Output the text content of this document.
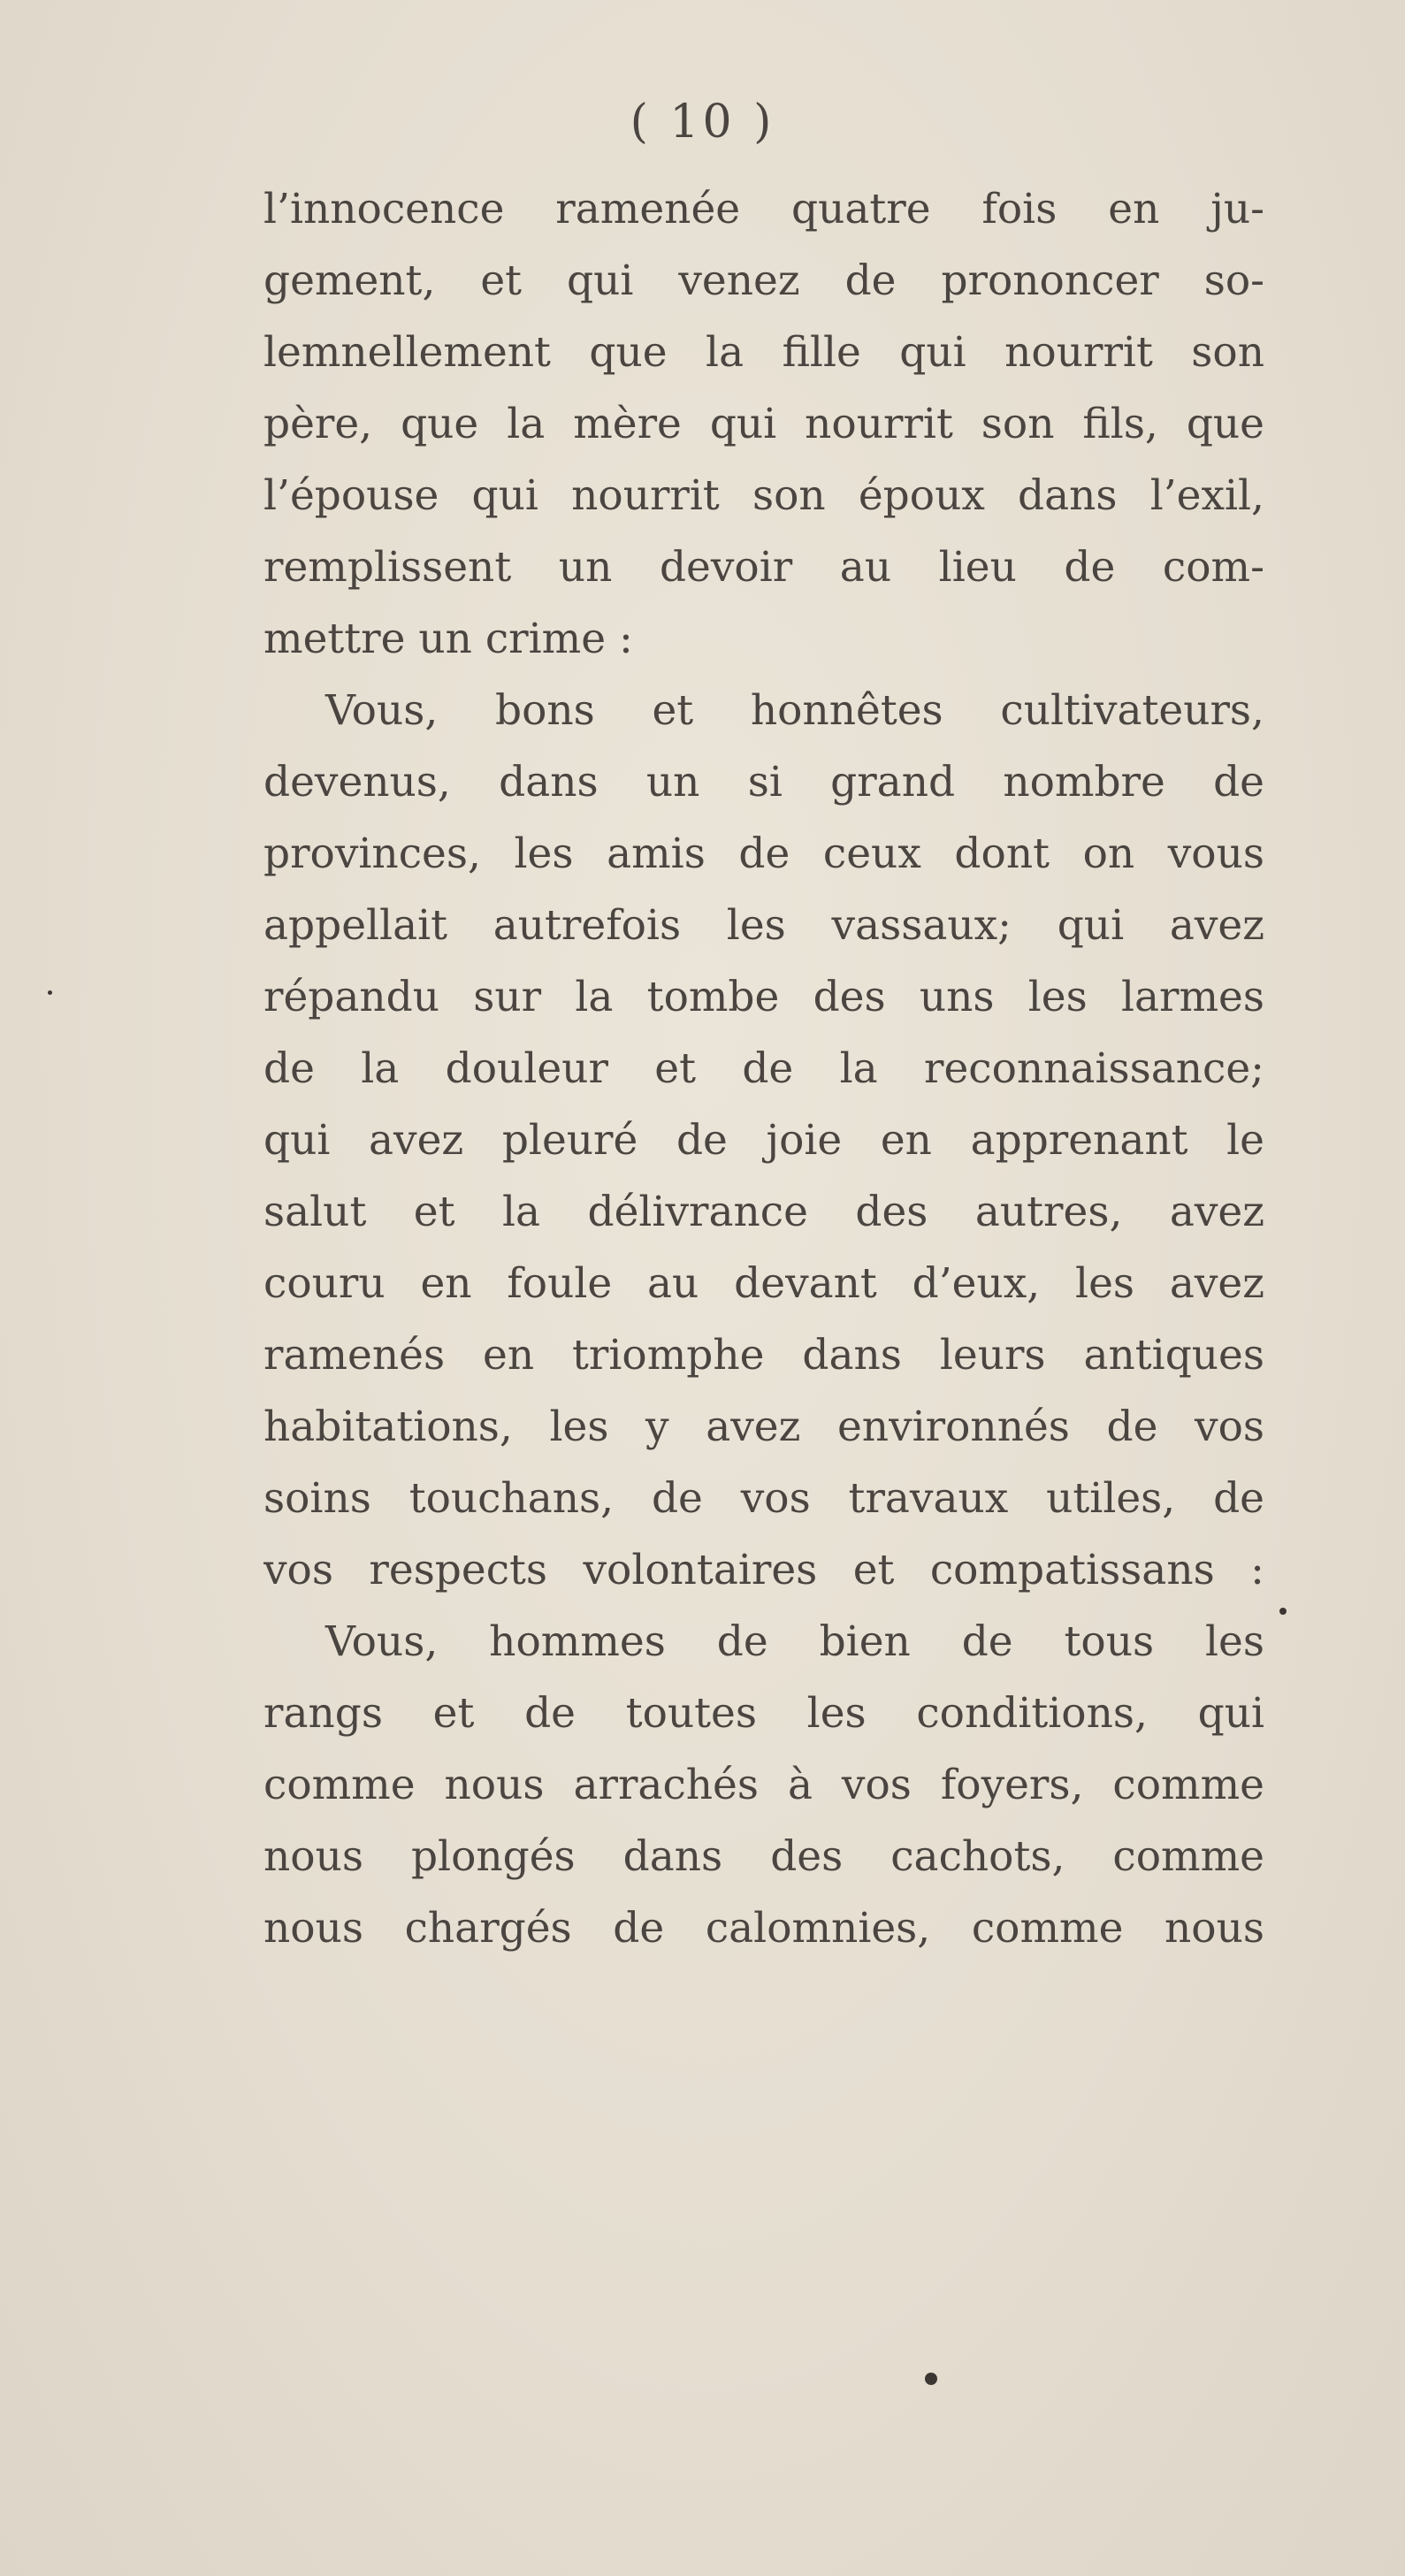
( 10 )
l’innocence ramenée quatre fois en ju-
gement, et qui venez de prononcer so-
lemnellement que la fille qui nourrit son
père, que la mère qui nourrit son fils, que
l’épouse qui nourrit son époux dans l’exil,
remplissent un devoir au lieu de com-
mettre un crime :
Vous, bons et honnêtes cultivateurs,
devenus, dans un si grand nombre de
provinces, les amis de ceux dont on vous
appellait autrefois les vassaux; qui avez
répandu sur la tombe des uns les larmes
de la douleur et de la reconnaissance;
qui avez pleuré de joie en apprenant le
salut et la délivrance des autres, avez
couru en foule au devant d’eux, les avez
ramenés en triomphe dans leurs antiques
habitations, les y avez environnés de vos
soins touchans, de vos travaux utiles, de
vos respects volontaires et compatissans :
Vous, hommes de bien de tous les
rangs et de toutes les conditions, qui
comme nous arrachés à vos foyers, comme
nous plongés dans des cachots, comme
nous chargés de calomnies, comme nous
